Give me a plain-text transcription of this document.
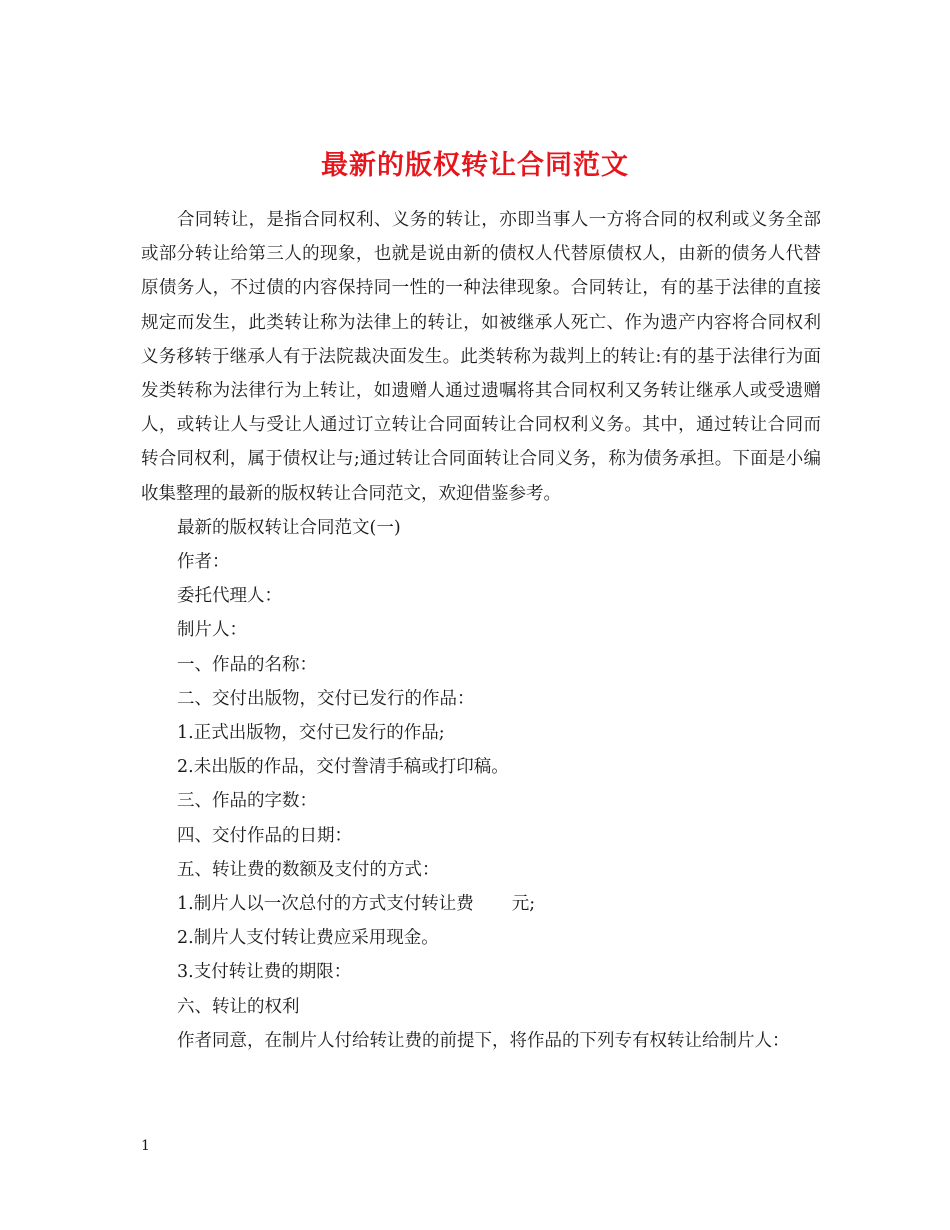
最新的版权转让合同范文

合同转让，是指合同权利、义务的转让，亦即当事人一方将合同的权利或义务全部或部分转让给第三人的现象，也就是说由新的债权人代替原债权人，由新的债务人代替原债务人，不过债的内容保持同一性的一种法律现象。合同转让，有的基于法律的直接规定而发生，此类转让称为法律上的转让，如被继承人死亡、作为遗产内容将合同权利义务移转于继承人有于法院裁决面发生。此类转称为裁判上的转让:有的基于法律行为面发类转称为法律行为上转让，如遗赠人通过遗嘱将其合同权利又务转让继承人或受遗赠人，或转让人与受让人通过订立转让合同面转让合同权利义务。其中，通过转让合同而转合同权利，属于债权让与;通过转让合同面转让合同义务，称为债务承担。下面是小编收集整理的最新的版权转让合同范文，欢迎借鉴参考。

最新的版权转让合同范文(一)

作者：

委托代理人：

制片人：

一、作品的名称：

二、交付出版物，交付已发行的作品：

1.正式出版物，交付已发行的作品;

2.未出版的作品，交付誊清手稿或打印稿。

三、作品的字数：

四、交付作品的日期：

五、转让费的数额及支付的方式：

1.制片人以一次总付的方式支付转让费 元;

2.制片人支付转让费应采用现金。

3.支付转让费的期限：

六、转让的权利

作者同意，在制片人付给转让费的前提下，将作品的下列专有权转让给制片人：

1
